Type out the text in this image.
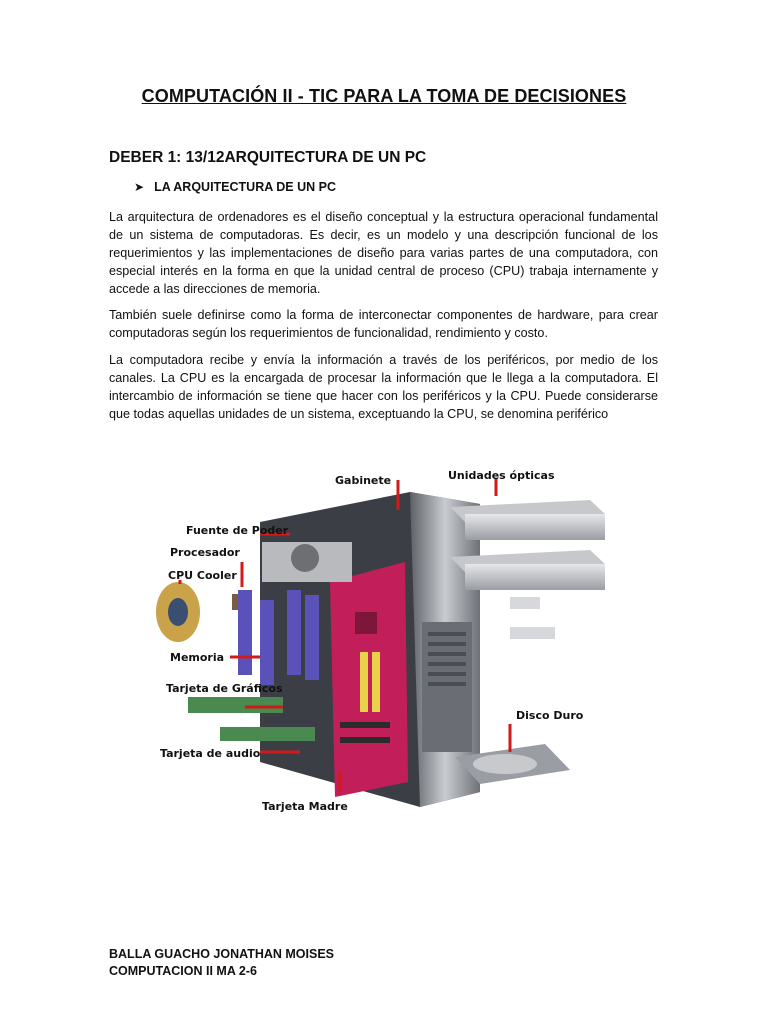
COMPUTACIÓN II - TIC PARA LA TOMA DE DECISIONES
DEBER 1: 13/12ARQUITECTURA DE UN PC
➤ LA ARQUITECTURA DE UN PC

La arquitectura de ordenadores es el diseño conceptual y la estructura operacional fundamental de un sistema de computadoras. Es decir, es un modelo y una descripción funcional de los requerimientos y las implementaciones de diseño para varias partes de una computadora, con especial interés en la forma en que la unidad central de proceso (CPU) trabaja internamente y accede a las direcciones de memoria.

También suele definirse como la forma de interconectar componentes de hardware, para crear computadoras según los requerimientos de funcionalidad, rendimiento y costo.

La computadora recibe y envía la información a través de los periféricos, por medio de los canales. La CPU es la encargada de procesar la información que le llega a la computadora. El intercambio de información se tiene que hacer con los periféricos y la CPU. Puede considerarse que todas aquellas unidades de un sistema, exceptuando la CPU, se denomina periférico

Gabinete	Unidades ópticas
Fuente de Poder
Procesador
CPU Cooler
Memoria
Tarjeta de Gráficos
Disco Duro
Tarjeta de audio
Tarjeta Madre
BALLA GUACHO JONATHAN MOISES
COMPUTACION II MA 2-6
